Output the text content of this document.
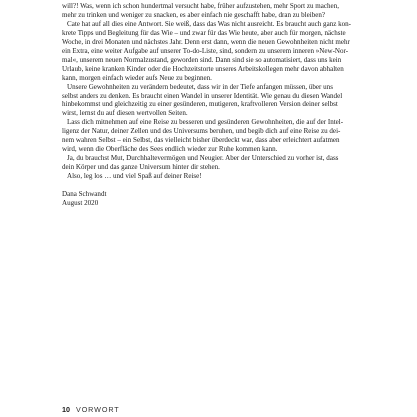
will?! Was, wenn ich schon hundertmal versucht habe, früher aufzustehen, mehr Sport zu machen,
mehr zu trinken und weniger zu snacken, es aber einfach nie geschafft habe, dran zu bleiben?

Cate hat auf all dies eine Antwort. Sie weiß, dass das Was nicht ausreicht. Es braucht auch ganz kon-
krete Tipps und Begleitung für das Wie – und zwar für das Wie heute, aber auch für morgen, nächste
Woche, in drei Monaten und nächstes Jahr. Denn erst dann, wenn die neuen Gewohnheiten nicht mehr
ein Extra, eine weiter Aufgabe auf unserer To-do-Liste, sind, sondern zu unserem inneren »New-Nor-
mal«, unserem neuen Normalzustand, geworden sind. Dann sind sie so automatisiert, dass uns kein
Urlaub, keine kranken Kinder oder die Hochzeitstorte unseres Arbeitskollegen mehr davon abhalten
kann, morgen einfach wieder aufs Neue zu beginnen.

Unsere Gewohnheiten zu verändern bedeutet, dass wir in der Tiefe anfangen müssen, über uns
selbst anders zu denken. Es braucht einen Wandel in unserer Identität. Wie genau du diesen Wandel
hinbekommst und gleichzeitig zu einer gesünderen, mutigeren, kraftvolleren Version deiner selbst
wirst, lernst du auf diesen wertvollen Seiten.

Lass dich mitnehmen auf eine Reise zu besseren und gesünderen Gewohnheiten, die auf der Intel-
ligenz der Natur, deiner Zellen und des Universums beruhen, und begib dich auf eine Reise zu dei-
nem wahren Selbst – ein Selbst, das vielleicht bisher überdeckt war, dass aber erleichtert aufatmen
wird, wenn die Oberfläche des Sees endlich wieder zur Ruhe kommen kann.

Ja, du brauchst Mut, Durchhaltevermögen und Neugier. Aber der Unterschied zu vorher ist, dass
dein Körper und das ganze Universum hinter dir stehen.

Also, leg los … und viel Spaß auf deiner Reise!

Dana Schwandt

August 2020

10 VORWORT
